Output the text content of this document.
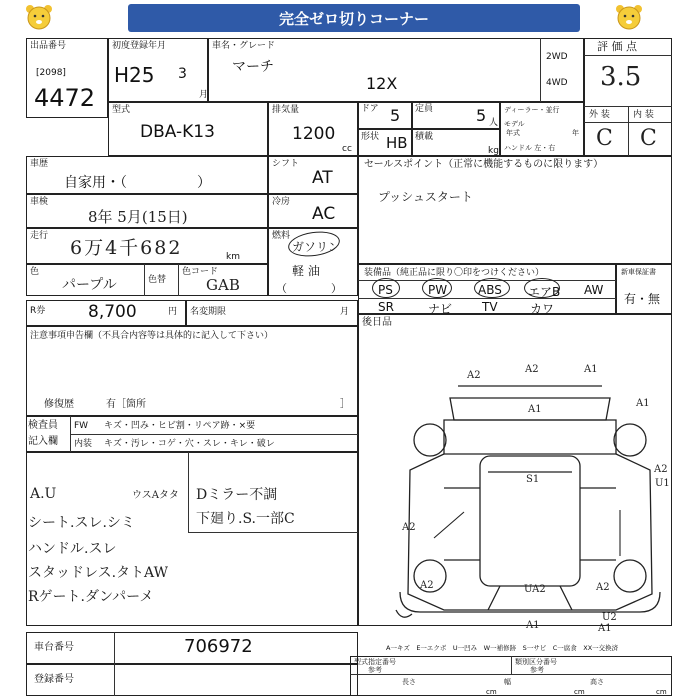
完全ゼロ切りコーナー
出品番号
[2098]
4472
初度登録年月
H25 3
月
車名・グレード
マーチ
12X
2WD
4WD
評 価 点
3.5
外 装	内 装
C C
型式
DBA-K13
排気量
1200
cc
ドア 5 定員	5 人
形状 HB 積載
kg
ディーラー・並行
モデル
年式	年
ハンドル 左・右
車歴
自家用・（　　　　　）
シフト
AT
車検
8年 5月(15日)
冷房
AC
走行
6万4千682	km
燃料
ガソリン
軽 油
（　　　　）
色
パープル	色替
色コード
GAB
R券	8,700	円 名変期限	月
セールスポイント（正常に機能するものに限ります）
プッシュスタート
装備品（純正品に限り〇印をつけください）
PS	PW	ABS エアB AW
SR	ナビ TV	カワ
新車保証書
有・無
後日品
注意事項申告欄（不具合内容等は具体的に記入して下さい）
修復歴	有［箇所	］
検査員
記入欄
FW キズ・凹み・ヒビ割・リペア跡・×要
内装 キズ・汚レ・コゲ・穴・スレ・キレ・破レ
A.U	ウスAタタ Dミラー不調
シート.スレ.シミ	下廻り.S.一部C
ハンドル.スレ
スタッドレス.タトAW
Rゲート.ダンパーメ
A2
A2	A1
A1
A1
S1
A2
U1
A2
A2	UA2	A2
A1
U2
A1
車台番号	706972
登録番号
A一キズ　E一エクボ　U一凹み　W一補修跡　S一サビ　C一腐食　XX一交換済
型式指定番号
参考
類別区分番号
参考
長さ
cm
幅
cm
高さ
cm
